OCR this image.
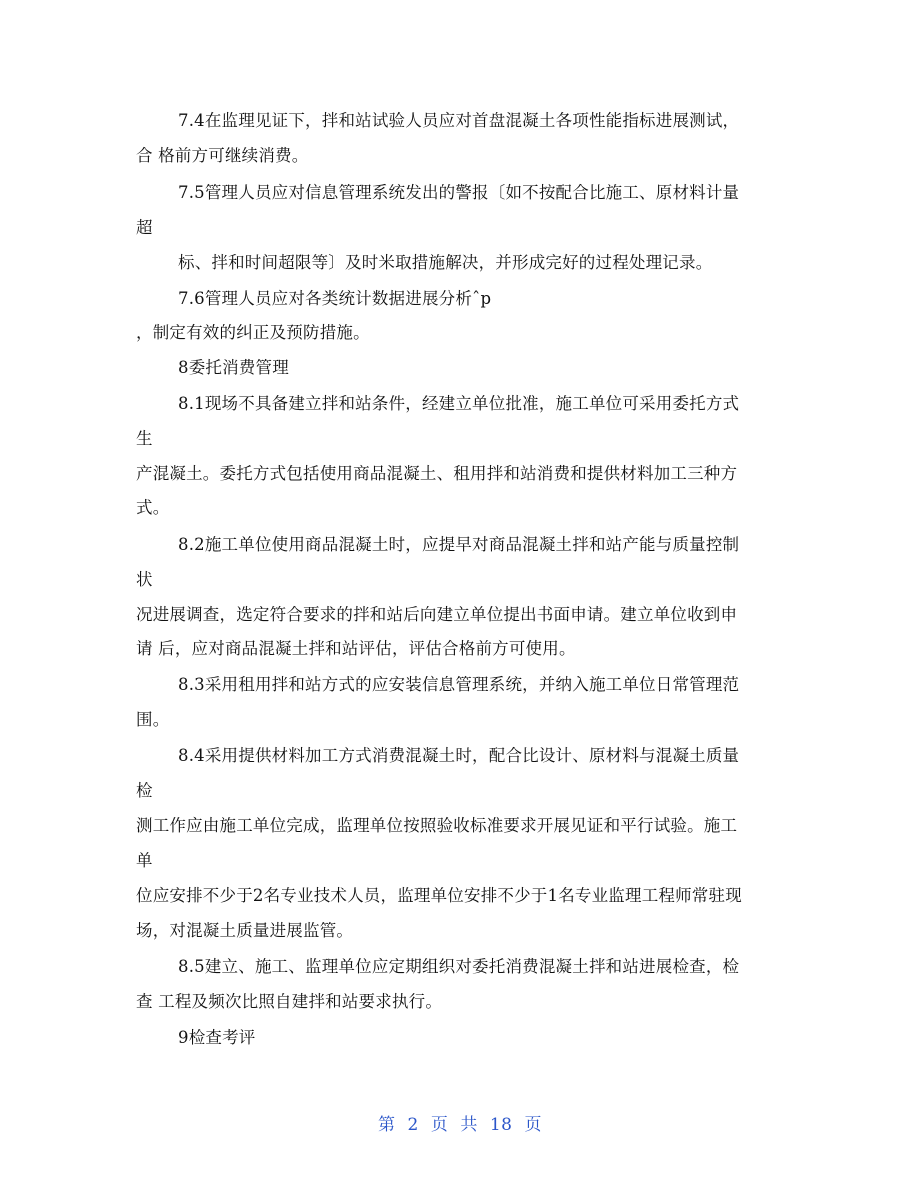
7.4在监理见证下，拌和站试验人员应对首盘混凝土各项性能指标进展测试，
合 格前方可继续消费。
7.5管理人员应对信息管理系统发出的警报〔如不按配合比施工、原材料计量
超
标、拌和时间超限等〕及时米取措施解决，并形成完好的过程处理记录。
7.6管理人员应对各类统计数据进展分析ˆp
，制定有效的纠正及预防措施。
8委托消费管理
8.1现场不具备建立拌和站条件，经建立单位批准，施工单位可采用委托方式
生
产混凝土。委托方式包括使用商品混凝土、租用拌和站消费和提供材料加工三种方
式。
8.2施工单位使用商品混凝土时，应提早对商品混凝土拌和站产能与质量控制
状
况进展调查，选定符合要求的拌和站后向建立单位提出书面申请。建立单位收到申
请 后，应对商品混凝土拌和站评估，评估合格前方可使用。
8.3采用租用拌和站方式的应安装信息管理系统，并纳入施工单位日常管理范
围。
8.4采用提供材料加工方式消费混凝土时，配合比设计、原材料与混凝土质量
检
测工作应由施工单位完成，监理单位按照验收标准要求开展见证和平行试验。施工
单
位应安排不少于2名专业技术人员，监理单位安排不少于1名专业监理工程师常驻现
场，对混凝土质量进展监管。
8.5建立、施工、监理单位应定期组织对委托消费混凝土拌和站进展检查，检
查 工程及频次比照自建拌和站要求执行。
9检查考评
第 2 页 共 18 页
